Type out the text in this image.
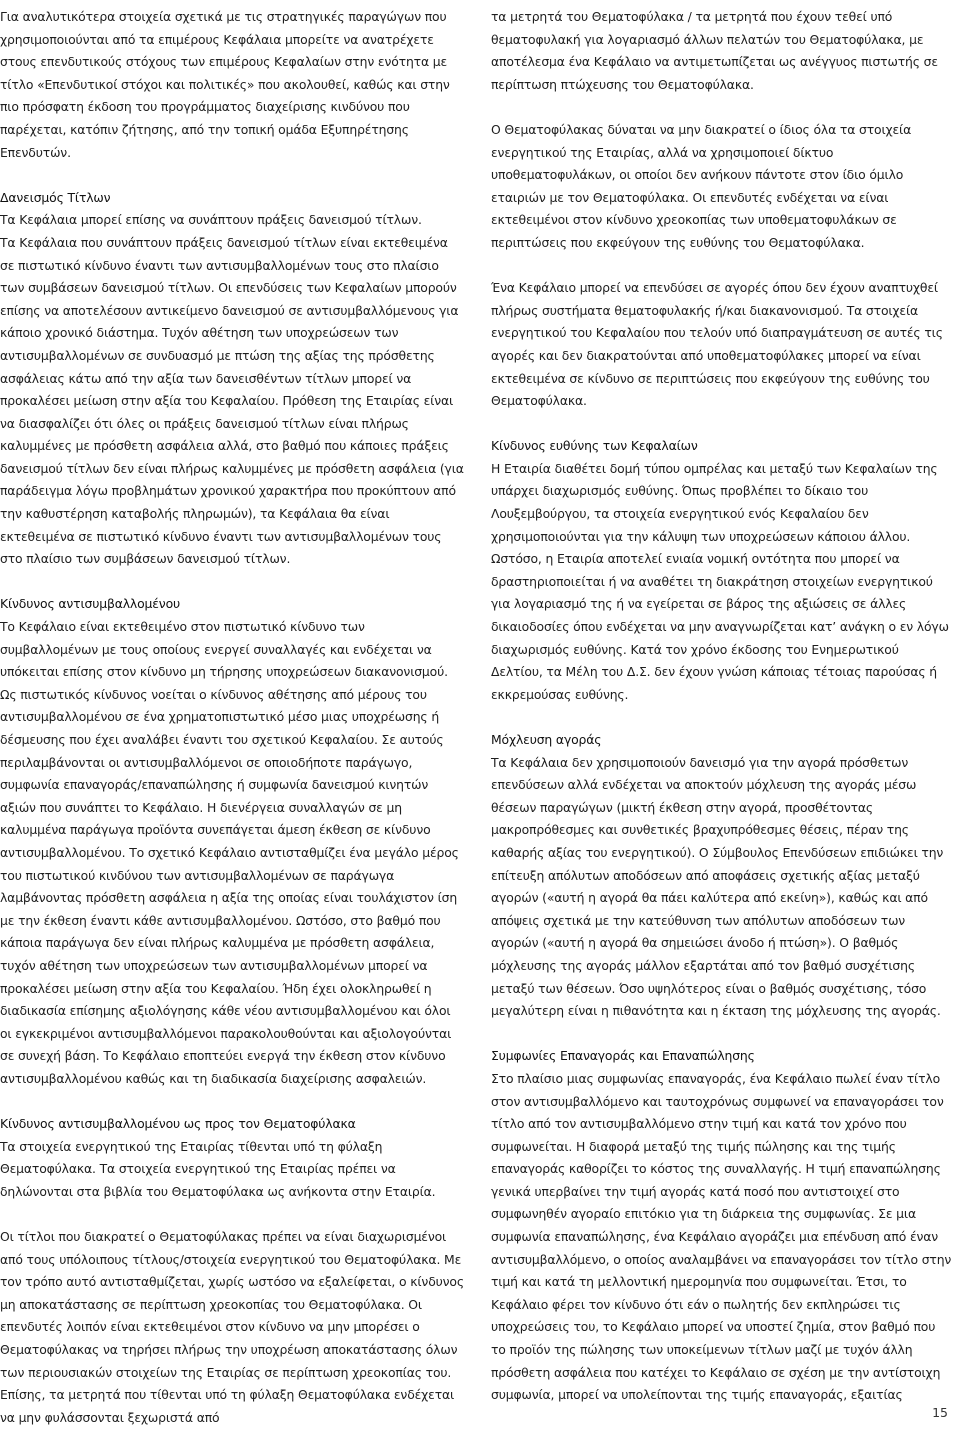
Για αναλυτικότερα στοιχεία σχετικά με τις στρατηγικές παραγώγων που χρησιμοποιούνται από τα επιμέρους Κεφάλαια μπορείτε να ανατρέχετε στους επενδυτικούς στόχους των επιμέρους Κεφαλαίων στην ενότητα με τίτλο «Επενδυτικοί στόχοι και πολιτικές» που ακολουθεί, καθώς και στην πιο πρόσφατη έκδοση του προγράμματος διαχείρισης κινδύνου που παρέχεται, κατόπιν ζήτησης, από την τοπική ομάδα Εξυπηρέτησης Επενδυτών.

Δανεισμός Τίτλων

Τα Κεφάλαια μπορεί επίσης να συνάπτουν πράξεις δανεισμού τίτλων.

Τα Κεφάλαια που συνάπτουν πράξεις δανεισμού τίτλων είναι εκτεθειμένα σε πιστωτικό κίνδυνο έναντι των αντισυμβαλλομένων τους στο πλαίσιο των συμβάσεων δανεισμού τίτλων. Οι επενδύσεις των Κεφαλαίων μπορούν επίσης να αποτελέσουν αντικείμενο δανεισμού σε αντισυμβαλλόμενους για κάποιο χρονικό διάστημα. Τυχόν αθέτηση των υποχρεώσεων των αντισυμβαλλομένων σε συνδυασμό με πτώση της αξίας της πρόσθετης ασφάλειας κάτω από την αξία των δανεισθέντων τίτλων μπορεί να προκαλέσει μείωση στην αξία του Κεφαλαίου. Πρόθεση της Εταιρίας είναι να διασφαλίζει ότι όλες οι πράξεις δανεισμού τίτλων είναι πλήρως καλυμμένες με πρόσθετη ασφάλεια αλλά, στο βαθμό που κάποιες πράξεις δανεισμού τίτλων δεν είναι πλήρως καλυμμένες με πρόσθετη ασφάλεια (για παράδειγμα λόγω προβλημάτων χρονικού χαρακτήρα που προκύπτουν από την καθυστέρηση καταβολής πληρωμών), τα Κεφάλαια θα είναι εκτεθειμένα σε πιστωτικό κίνδυνο έναντι των αντισυμβαλλομένων τους στο πλαίσιο των συμβάσεων δανεισμού τίτλων.

Κίνδυνος αντισυμβαλλομένου

Το Κεφάλαιο είναι εκτεθειμένο στον πιστωτικό κίνδυνο των συμβαλλομένων με τους οποίους ενεργεί συναλλαγές και ενδέχεται να υπόκειται επίσης στον κίνδυνο μη τήρησης υποχρεώσεων διακανονισμού. Ως πιστωτικός κίνδυνος νοείται ο κίνδυνος αθέτησης από μέρους του αντισυμβαλλομένου σε ένα χρηματοπιστωτικό μέσο μιας υποχρέωσης ή δέσμευσης που έχει αναλάβει έναντι του σχετικού Κεφαλαίου. Σε αυτούς περιλαμβάνονται οι αντισυμβαλλόμενοι σε οποιοδήποτε παράγωγο, συμφωνία επαναγοράς/επαναπώλησης ή συμφωνία δανεισμού κινητών αξιών που συνάπτει το Κεφάλαιο. Η διενέργεια συναλλαγών σε μη καλυμμένα παράγωγα προϊόντα συνεπάγεται άμεση έκθεση σε κίνδυνο αντισυμβαλλομένου. Το σχετικό Κεφάλαιο αντισταθμίζει ένα μεγάλο μέρος του πιστωτικού κινδύνου των αντισυμβαλλομένων σε παράγωγα λαμβάνοντας πρόσθετη ασφάλεια η αξία της οποίας είναι τουλάχιστον ίση με την έκθεση έναντι κάθε αντισυμβαλλομένου. Ωστόσο, στο βαθμό που κάποια παράγωγα δεν είναι πλήρως καλυμμένα με πρόσθετη ασφάλεια, τυχόν αθέτηση των υποχρεώσεων των αντισυμβαλλομένων μπορεί να προκαλέσει μείωση στην αξία του Κεφαλαίου. Ήδη έχει ολοκληρωθεί η διαδικασία επίσημης αξιολόγησης κάθε νέου αντισυμβαλλομένου και όλοι οι εγκεκριμένοι αντισυμβαλλόμενοι παρακολουθούνται και αξιολογούνται σε συνεχή βάση. Το Κεφάλαιο εποπτεύει ενεργά την έκθεση στον κίνδυνο αντισυμβαλλομένου καθώς και τη διαδικασία διαχείρισης ασφαλειών.

Κίνδυνος αντισυμβαλλομένου ως προς τον Θεματοφύλακα

Τα στοιχεία ενεργητικού της Εταιρίας τίθενται υπό τη φύλαξη Θεματοφύλακα. Τα στοιχεία ενεργητικού της Εταιρίας πρέπει να δηλώνονται στα βιβλία του Θεματοφύλακα ως ανήκοντα στην Εταιρία.

Οι τίτλοι που διακρατεί ο Θεματοφύλακας πρέπει να είναι διαχωρισμένοι από τους υπόλοιπους τίτλους/στοιχεία ενεργητικού του Θεματοφύλακα. Με τον τρόπο αυτό αντισταθμίζεται, χωρίς ωστόσο να εξαλείφεται, ο κίνδυνος μη αποκατάστασης σε περίπτωση χρεοκοπίας του Θεματοφύλακα. Οι επενδυτές λοιπόν είναι εκτεθειμένοι στον κίνδυνο να μην μπορέσει ο Θεματοφύλακας να τηρήσει πλήρως την υποχρέωση αποκατάστασης όλων των περιουσιακών στοιχείων της Εταιρίας σε περίπτωση χρεοκοπίας του. Επίσης, τα μετρητά που τίθενται υπό τη φύλαξη Θεματοφύλακα ενδέχεται να μην φυλάσσονται ξεχωριστά από

τα μετρητά του Θεματοφύλακα / τα μετρητά που έχουν τεθεί υπό θεματοφυλακή για λογαριασμό άλλων πελατών του Θεματοφύλακα, με αποτέλεσμα ένα Κεφάλαιο να αντιμετωπίζεται ως ανέγγυος πιστωτής σε περίπτωση πτώχευσης του Θεματοφύλακα.

Ο Θεματοφύλακας δύναται να μην διακρατεί ο ίδιος όλα τα στοιχεία ενεργητικού της Εταιρίας, αλλά να χρησιμοποιεί δίκτυο υποθεματοφυλάκων, οι οποίοι δεν ανήκουν πάντοτε στον ίδιο όμιλο εταιριών με τον Θεματοφύλακα. Οι επενδυτές ενδέχεται να είναι εκτεθειμένοι στον κίνδυνο χρεοκοπίας των υποθεματοφυλάκων σε περιπτώσεις που εκφεύγουν της ευθύνης του Θεματοφύλακα.

Ένα Κεφάλαιο μπορεί να επενδύσει σε αγορές όπου δεν έχουν αναπτυχθεί πλήρως συστήματα θεματοφυλακής ή/και διακανονισμού. Τα στοιχεία ενεργητικού του Κεφαλαίου που τελούν υπό διαπραγμάτευση σε αυτές τις αγορές και δεν διακρατούνται από υποθεματοφύλακες μπορεί να είναι εκτεθειμένα σε κίνδυνο σε περιπτώσεις που εκφεύγουν της ευθύνης του Θεματοφύλακα.

Κίνδυνος ευθύνης των Κεφαλαίων

Η Εταιρία διαθέτει δομή τύπου ομπρέλας και μεταξύ των Κεφαλαίων της υπάρχει διαχωρισμός ευθύνης. Όπως προβλέπει το δίκαιο του Λουξεμβούργου, τα στοιχεία ενεργητικού ενός Κεφαλαίου δεν χρησιμοποιούνται για την κάλυψη των υποχρεώσεων κάποιου άλλου. Ωστόσο, η Εταιρία αποτελεί ενιαία νομική οντότητα που μπορεί να δραστηριοποιείται ή να αναθέτει τη διακράτηση στοιχείων ενεργητικού για λογαριασμό της ή να εγείρεται σε βάρος της αξιώσεις σε άλλες δικαιοδοσίες όπου ενδέχεται να μην αναγνωρίζεται κατ’ ανάγκη ο εν λόγω διαχωρισμός ευθύνης. Κατά τον χρόνο έκδοσης του Ενημερωτικού Δελτίου, τα Μέλη του Δ.Σ. δεν έχουν γνώση κάποιας τέτοιας παρούσας ή εκκρεμούσας ευθύνης.

Μόχλευση αγοράς

Τα Κεφάλαια δεν χρησιμοποιούν δανεισμό για την αγορά πρόσθετων επενδύσεων αλλά ενδέχεται να αποκτούν μόχλευση της αγοράς μέσω θέσεων παραγώγων (μικτή έκθεση στην αγορά, προσθέτοντας μακροπρόθεσμες και συνθετικές βραχυπρόθεσμες θέσεις, πέραν της καθαρής αξίας του ενεργητικού). Ο Σύμβουλος Επενδύσεων επιδιώκει την επίτευξη απόλυτων αποδόσεων από αποφάσεις σχετικής αξίας μεταξύ αγορών («αυτή η αγορά θα πάει καλύτερα από εκείνη»), καθώς και από απόψεις σχετικά με την κατεύθυνση των απόλυτων αποδόσεων των αγορών («αυτή η αγορά θα σημειώσει άνοδο ή πτώση»). Ο βαθμός μόχλευσης της αγοράς μάλλον εξαρτάται από τον βαθμό συσχέτισης μεταξύ των θέσεων. Όσο υψηλότερος είναι ο βαθμός συσχέτισης, τόσο μεγαλύτερη είναι η πιθανότητα και η έκταση της μόχλευσης της αγοράς.

Συμφωνίες Επαναγοράς και Επαναπώλησης

Στο πλαίσιο μιας συμφωνίας επαναγοράς, ένα Κεφάλαιο πωλεί έναν τίτλο στον αντισυμβαλλόμενο και ταυτοχρόνως συμφωνεί να επαναγοράσει τον τίτλο από τον αντισυμβαλλόμενο στην τιμή και κατά τον χρόνο που συμφωνείται. Η διαφορά μεταξύ της τιμής πώλησης και της τιμής επαναγοράς καθορίζει το κόστος της συναλλαγής. Η τιμή επαναπώλησης γενικά υπερβαίνει την τιμή αγοράς κατά ποσό που αντιστοιχεί στο συμφωνηθέν αγοραίο επιτόκιο για τη διάρκεια της συμφωνίας. Σε μια συμφωνία επαναπώλησης, ένα Κεφάλαιο αγοράζει μια επένδυση από έναν αντισυμβαλλόμενο, ο οποίος αναλαμβάνει να επαναγοράσει τον τίτλο στην τιμή και κατά τη μελλοντική ημερομηνία που συμφωνείται. Έτσι, το Κεφάλαιο φέρει τον κίνδυνο ότι εάν ο πωλητής δεν εκπληρώσει τις υποχρεώσεις του, το Κεφάλαιο μπορεί να υποστεί ζημία, στον βαθμό που το προϊόν της πώλησης των υποκείμενων τίτλων μαζί με τυχόν άλλη πρόσθετη ασφάλεια που κατέχει το Κεφάλαιο σε σχέση με την αντίστοιχη συμφωνία, μπορεί να υπολείπονται της τιμής επαναγοράς, εξαιτίας

15
